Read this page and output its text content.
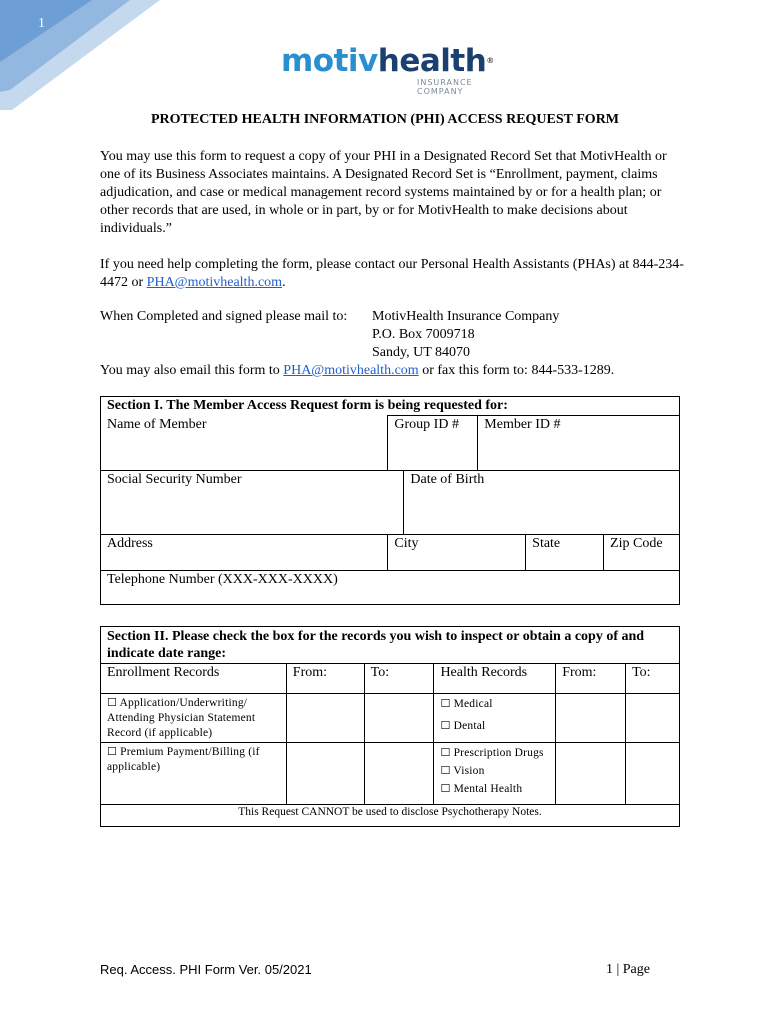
1
motivhealth®
INSURANCE COMPANY
PROTECTED HEALTH INFORMATION (PHI) ACCESS REQUEST FORM
You may use this form to request a copy of your PHI in a Designated Record Set that MotivHealth or one of its Business Associates maintains. A Designated Record Set is “Enrollment, payment, claims adjudication, and case or medical management record systems maintained by or for a health plan; or other records that are used, in whole or in part, by or for MotivHealth to make decisions about individuals.”
If you need help completing the form, please contact our Personal Health Assistants (PHAs) at 844-234-4472 or PHA@motivhealth.com.
When Completed and signed please mail to: MotivHealth Insurance Company
P.O. Box 7009718
Sandy, UT 84070
You may also email this form to PHA@motivhealth.com or fax this form to: 844-533-1289.
Section I. The Member Access Request form is being requested for:					
Name of Member	Group ID #		Member ID #		
Social Security Number		Date of Birth			
Address	City			State	Zip Code
Telephone Number (XXX-XXX-XXXX)					
Section II. Please check the box for the records you wish to inspect or obtain a copy of and indicate date range:					
Enrollment Records	From:	To:	Health Records	From:	To:
☐ Application/Underwriting/ Attending Physician Statement Record (if applicable)			☐ Medical
☐ Dental		

☐ Premium Payment/Billing (if applicable)			☐ Prescription Drugs
☐ Vision
☐ Mental Health		

This Request CANNOT be used to disclose Psychotherapy Notes.					
Req. Access. PHI Form Ver. 05/2021	1 | Page
